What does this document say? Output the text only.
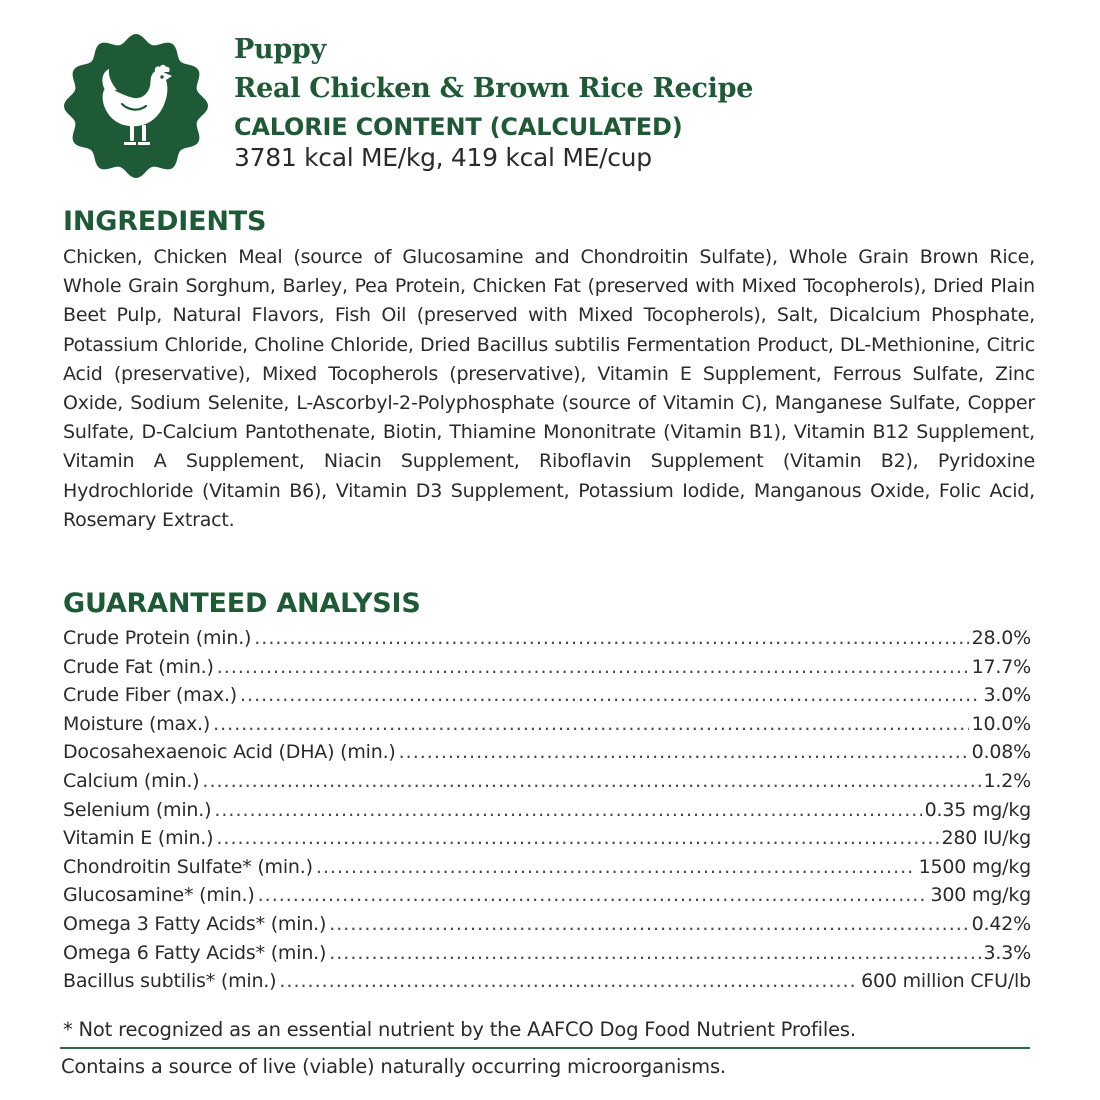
Puppy
Real Chicken & Brown Rice Recipe
CALORIE CONTENT (CALCULATED)
3781 kcal ME/kg, 419 kcal ME/cup
INGREDIENTS
Chicken, Chicken Meal (source of Glucosamine and Chondroitin Sulfate), Whole Grain Brown Rice, Whole Grain Sorghum, Barley, Pea Protein, Chicken Fat (preserved with Mixed Tocopherols), Dried Plain Beet Pulp, Natural Flavors, Fish Oil (preserved with Mixed Tocopherols), Salt, Dicalcium Phosphate, Potassium Chloride, Choline Chloride, Dried Bacillus subtilis Fermentation Product, DL-Methionine, Citric Acid (preservative), Mixed Tocopherols (preservative), Vitamin E Supplement, Ferrous Sulfate, Zinc Oxide, Sodium Selenite, L-Ascorbyl-2-Polyphosphate (source of Vitamin C), Manganese Sulfate, Copper Sulfate, D-Calcium Pantothenate, Biotin, Thiamine Mononitrate (Vitamin B1), Vitamin B12 Supplement, Vitamin A Supplement, Niacin Supplement, Riboflavin Supplement (Vitamin B2), Pyridoxine Hydrochloride (Vitamin B6), Vitamin D3 Supplement, Potassium Iodide, Manganous Oxide, Folic Acid, Rosemary Extract.
GUARANTEED ANALYSIS
Crude Protein (min.) .....	28.0%
Crude Fat (min.) .....	17.7%
Crude Fiber (max.) .....	3.0%
Moisture (max.) .....	10.0%
Docosahexaenoic Acid (DHA) (min.) .....	0.08%
Calcium (min.) .....	1.2%
Selenium (min.) .....	0.35 mg/kg
Vitamin E (min.) .....	280 IU/kg
Chondroitin Sulfate* (min.) .....	1500 mg/kg
Glucosamine* (min.) .....	300 mg/kg
Omega 3 Fatty Acids* (min.) .....	0.42%
Omega 6 Fatty Acids* (min.) .....	3.3%
Bacillus subtilis* (min.) .....	600 million CFU/lb
* Not recognized as an essential nutrient by the AAFCO Dog Food Nutrient Profiles.
Contains a source of live (viable) naturally occurring microorganisms.
